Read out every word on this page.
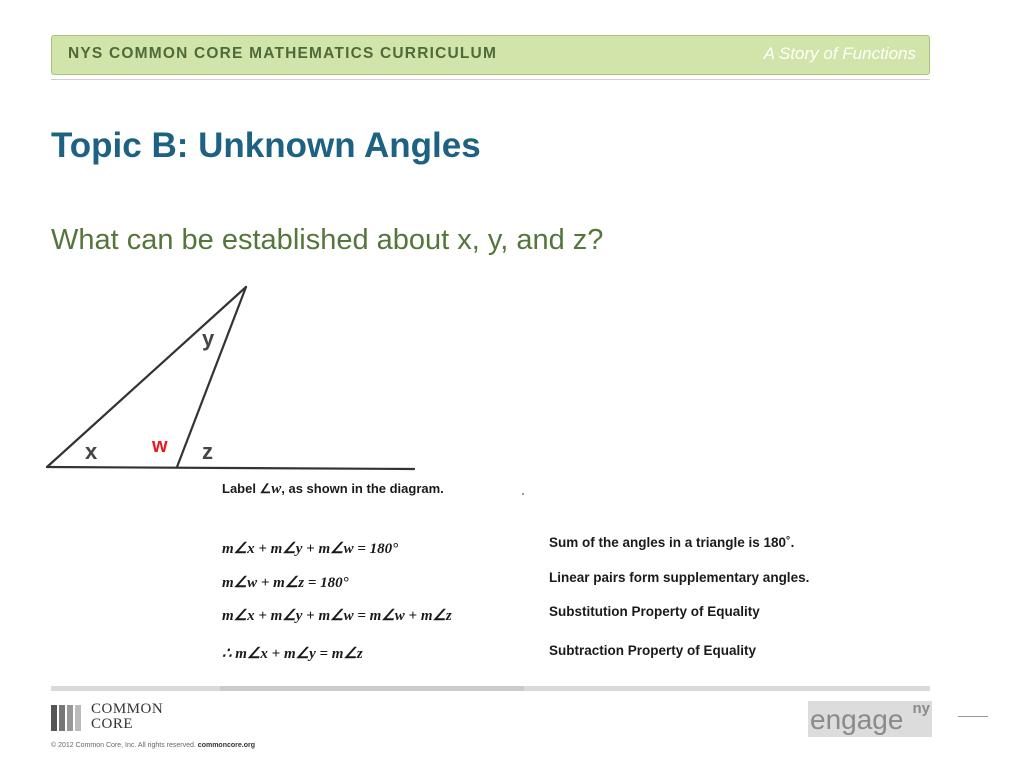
NYS COMMON CORE MATHEMATICS CURRICULUM	A Story of Functions
Topic B: Unknown Angles
What can be established about x, y, and z?
y
x	w z
Label ∠w, as shown in the diagram.
m∠x + m∠y + m∠w = 180°	Sum of the angles in a triangle is 180˚.
m∠w + m∠z = 180°	Linear pairs form supplementary angles.
m∠x + m∠y + m∠w = m∠w + m∠z	Substitution Property of Equality
∴ m∠x + m∠y = m∠z	Subtraction Property of Equality
COMMON
CORE
© 2012 Common Core, Inc. All rights reserved. commoncore.org
engage ny
